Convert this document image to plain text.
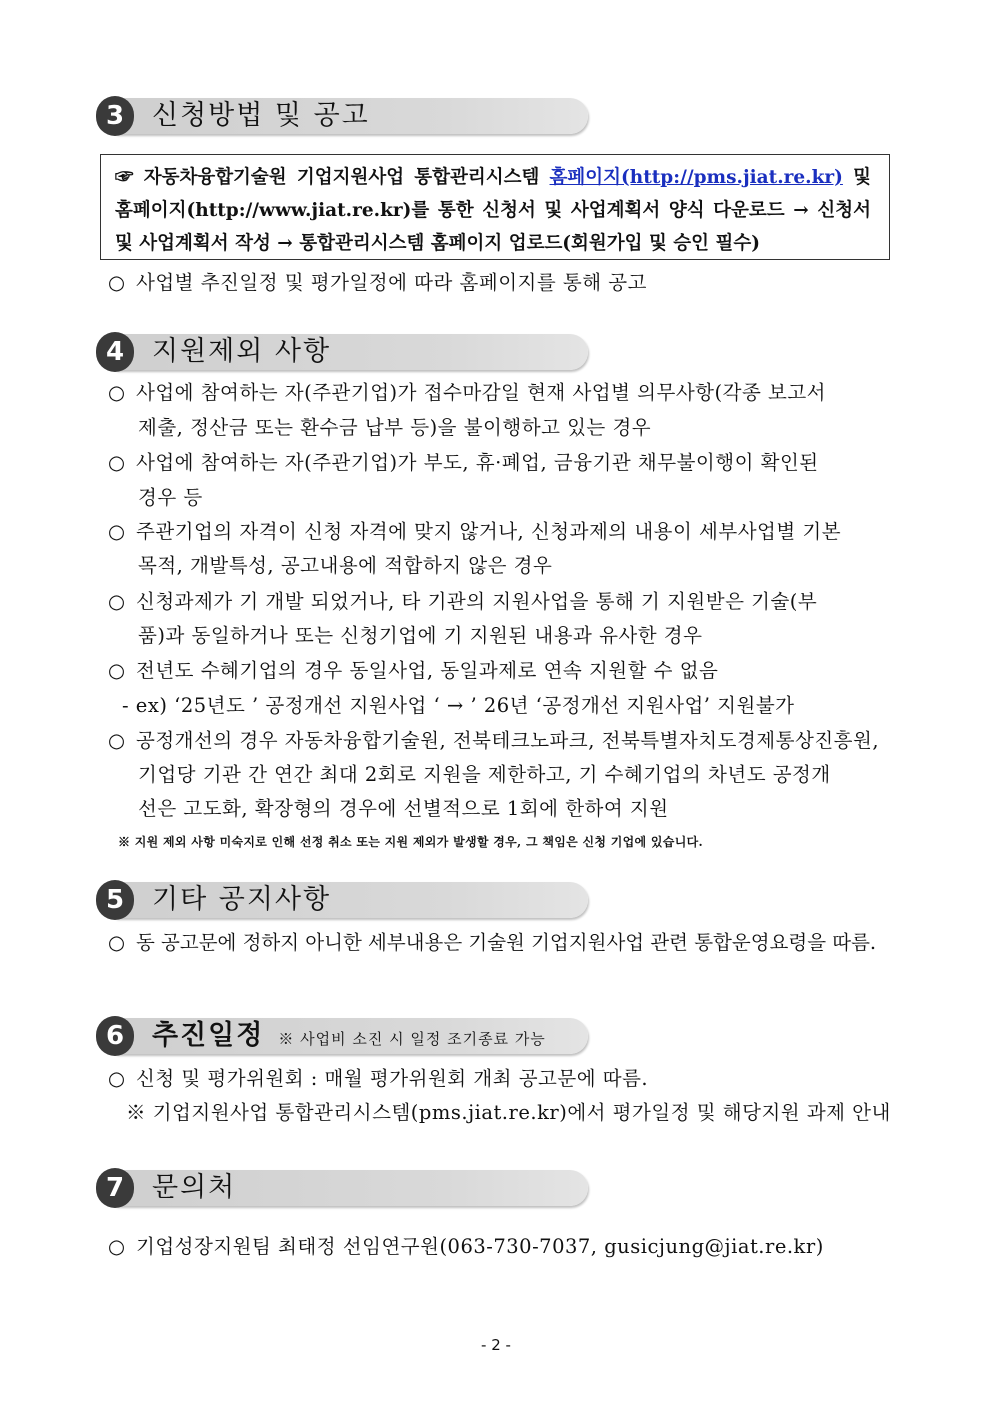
3	신청방법 및 공고
☞ 자동차융합기술원 기업지원사업 통합관리시스템 홈페이지(http://pms.jiat.re.kr) 및 홈페이지(http://www.jiat.re.kr)를 통한 신청서 및 사업계획서 양식 다운로드 → 신청서 및 사업계획서 작성 → 통합관리시스템 홈페이지 업로드(회원가입 및 승인 필수)
○ 사업별 추진일정 및 평가일정에 따라 홈페이지를 통해 공고
4	지원제외 사항
○ 사업에 참여하는 자(주관기업)가 접수마감일 현재 사업별 의무사항(각종 보고서
제출, 정산금 또는 환수금 납부 등)을 불이행하고 있는 경우
○ 사업에 참여하는 자(주관기업)가 부도, 휴·폐업, 금융기관 채무불이행이 확인된
경우 등
○ 주관기업의 자격이 신청 자격에 맞지 않거나, 신청과제의 내용이 세부사업별 기본
목적, 개발특성, 공고내용에 적합하지 않은 경우
○ 신청과제가 기 개발 되었거나, 타 기관의 지원사업을 통해 기 지원받은 기술(부
품)과 동일하거나 또는 신청기업에 기 지원된 내용과 유사한 경우
○ 전년도 수혜기업의 경우 동일사업, 동일과제로 연속 지원할 수 없음
- ex) ‘25년도 ’ 공정개선 지원사업 ‘ → ’ 26년 ‘공정개선 지원사업’ 지원불가
○ 공정개선의 경우 자동차융합기술원, 전북테크노파크, 전북특별자치도경제통상진흥원,
기업당 기관 간 연간 최대 2회로 지원을 제한하고, 기 수혜기업의 차년도 공정개
선은 고도화, 확장형의 경우에 선별적으로 1회에 한하여 지원
※ 지원 제외 사항 미숙지로 인해 선정 취소 또는 지원 제외가 발생할 경우, 그 책임은 신청 기업에 있습니다.
5	기타 공지사항
○ 동 공고문에 정하지 아니한 세부내용은 기술원 기업지원사업 관련 통합운영요령을 따름.
6	추진일정 ※ 사업비 소진 시 일정 조기종료 가능
○ 신청 및 평가위원회 : 매월 평가위원회 개최 공고문에 따름.
※ 기업지원사업 통합관리시스템(pms.jiat.re.kr)에서 평가일정 및 해당지원 과제 안내
7	문의처
○ 기업성장지원팀 최태정 선임연구원(063-730-7037, gusicjung@jiat.re.kr)
- 2 -
